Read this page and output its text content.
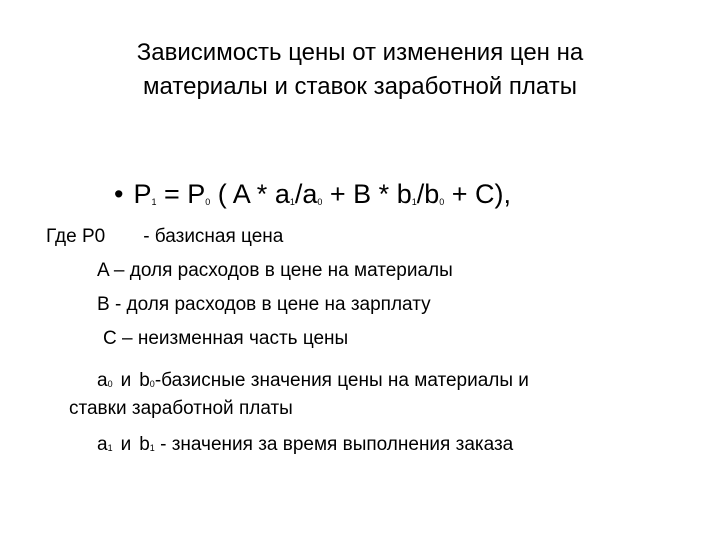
Зависимость цены от изменения цен на
материалы и ставок заработной платы
• $P_1 = P_0$ ( $A * a_1/a_0 + B * b_1/b_0 + C$),
Где P0 - базисная цена
A – доля расходов в цене на материалы
B - доля расходов в цене на зарплату
C – неизменная часть цены
a0 и b0-базисные значения цены на материалы и
ставки заработной платы
a1 и b1 - значения за время выполнения заказа
